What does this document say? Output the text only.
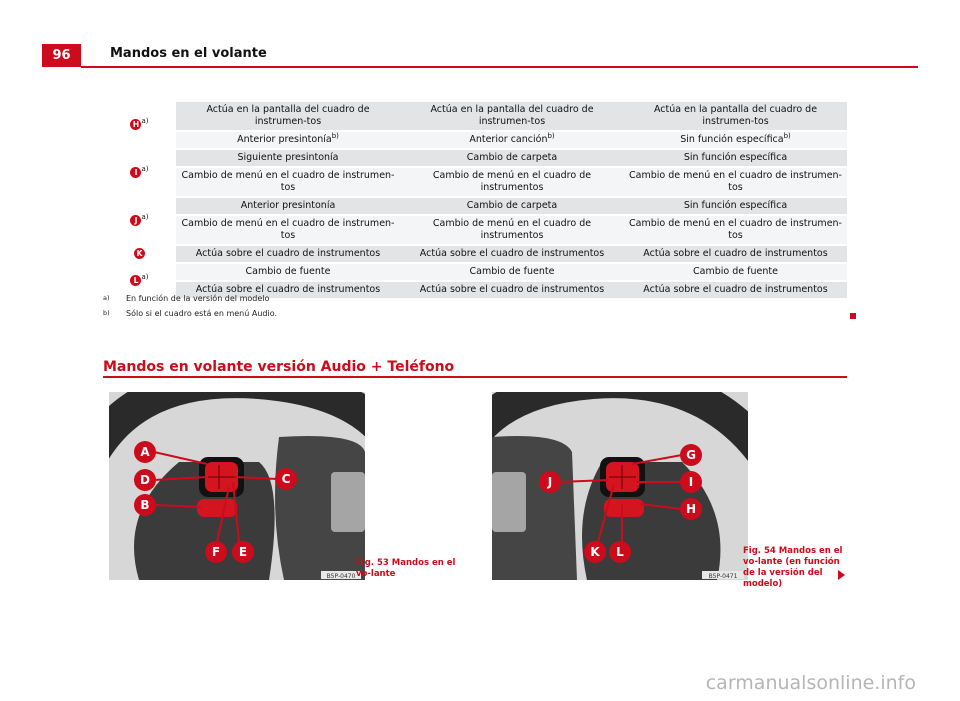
96	Mandos en el volante
H $^{a)}$	Actúa en la pantalla del cuadro de instrumen-tos	Actúa en la pantalla del cuadro de instrumen-tos	Actúa en la pantalla del cuadro de instrumen-tos
	Anterior presintonía$^{b)}$	Anterior canción$^{b)}$	Sin función específica$^{b)}$
I $^{a)}$	Siguiente presintonía	Cambio de carpeta	Sin función específica
	Cambio de menú en el cuadro de instrumen-tos	Cambio de menú en el cuadro de instrumentos	Cambio de menú en el cuadro de instrumen-tos
J $^{a)}$	Anterior presintonía	Cambio de carpeta	Sin función específica
	Cambio de menú en el cuadro de instrumen-tos	Cambio de menú en el cuadro de instrumentos	Cambio de menú en el cuadro de instrumen-tos
K	Actúa sobre el cuadro de instrumentos	Actúa sobre el cuadro de instrumentos	Actúa sobre el cuadro de instrumentos
L $^{a)}$	Cambio de fuente	Cambio de fuente	Cambio de fuente
	Actúa sobre el cuadro de instrumentos	Actúa sobre el cuadro de instrumentos	Actúa sobre el cuadro de instrumentos
a)	En función de la versión del modelo
b)	Sólo si el cuadro está en menú Audio.
Mandos en volante versión Audio + Teléfono
A
D
B
C
F E
B5P-0470
Fig. 53 Mandos en el vo-lante
G
I
H
J
K L
B5P-0471
Fig. 54 Mandos en el vo-lante (en función de la versión del modelo)
carmanualsonline.info
